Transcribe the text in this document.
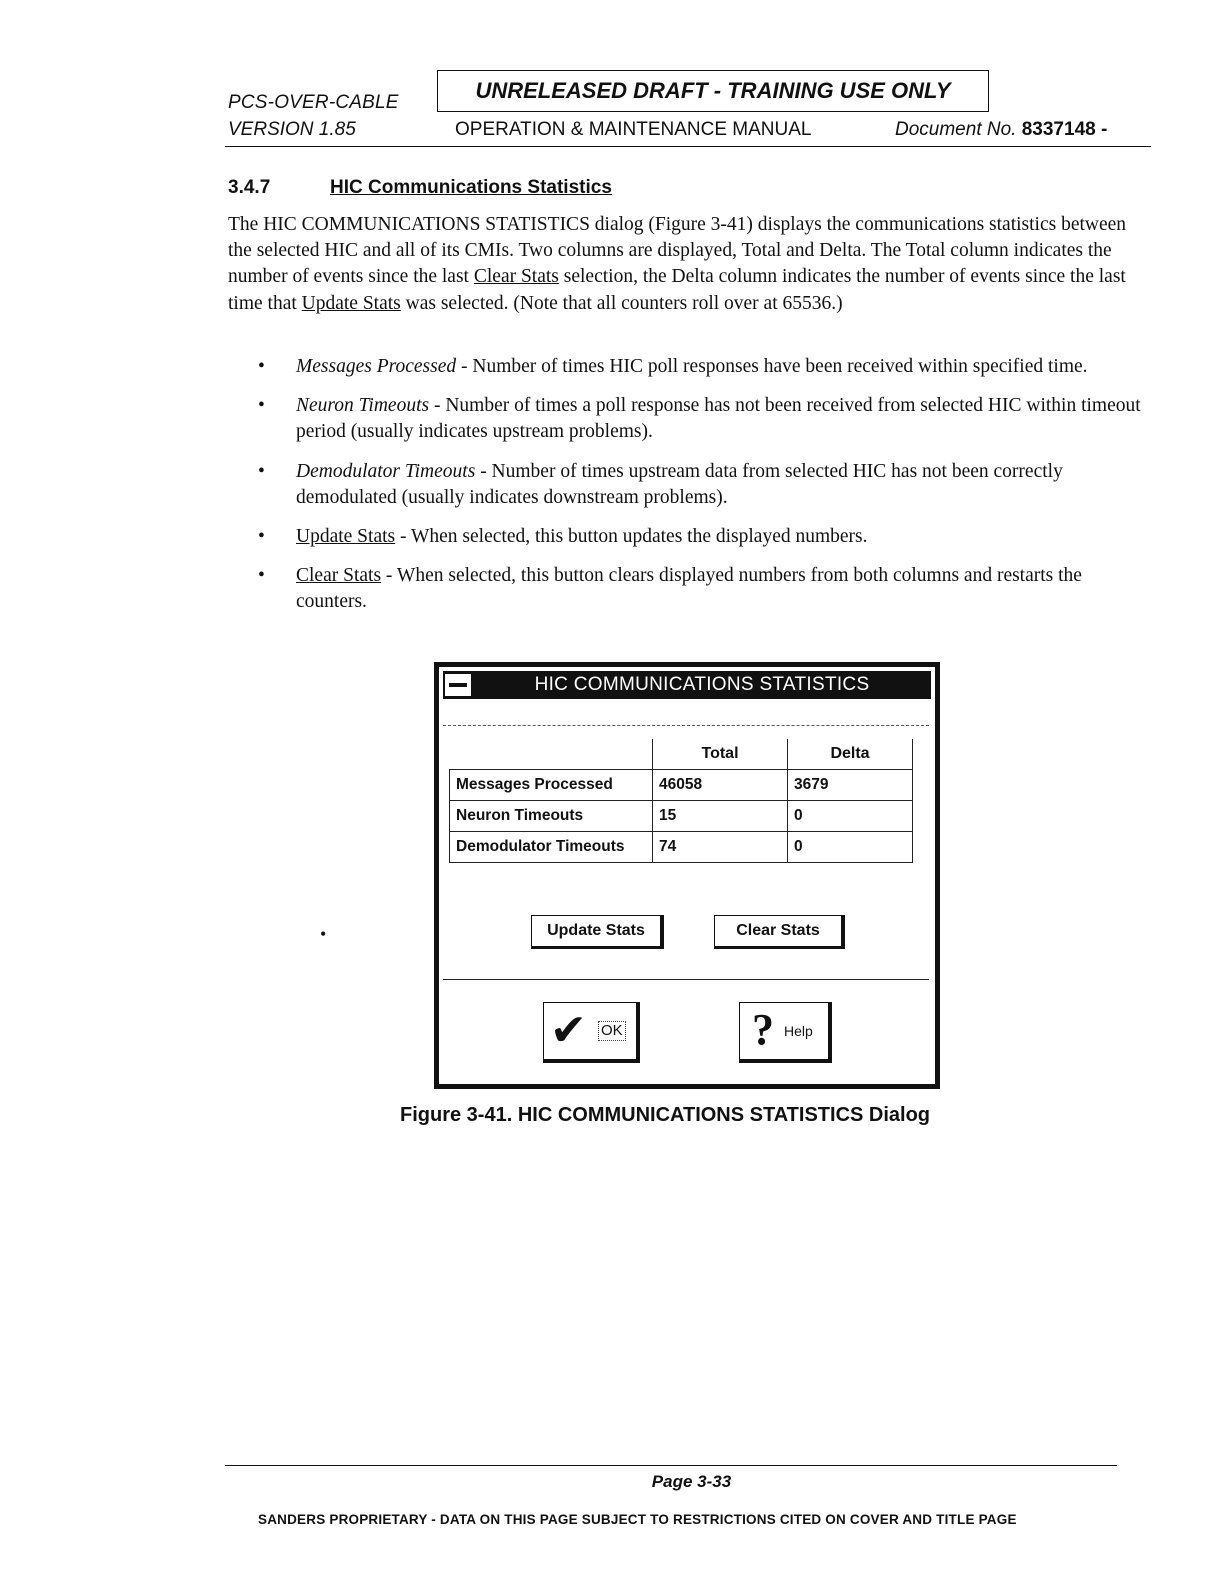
PCS-OVER-CABLE
VERSION 1.85
UNRELEASED DRAFT - TRAINING USE ONLY
OPERATION & MAINTENANCE MANUAL	Document No. 8337148 -
3.4.7	HIC Communications Statistics
The HIC COMMUNICATIONS STATISTICS dialog (Figure 3-41) displays the communications statistics between the selected HIC and all of its CMIs. Two columns are displayed, Total and Delta. The Total column indicates the number of events since the last Clear Stats selection, the Delta column indicates the number of events since the last time that Update Stats was selected. (Note that all counters roll over at 65536.)
• Messages Processed - Number of times HIC poll responses have been received within specified time.
• Neuron Timeouts - Number of times a poll response has not been received from selected HIC within timeout period (usually indicates upstream problems).
• Demodulator Timeouts - Number of times upstream data from selected HIC has not been correctly demodulated (usually indicates downstream problems).
• Update Stats - When selected, this button updates the displayed numbers.
• Clear Stats - When selected, this button clears displayed numbers from both columns and restarts the counters.
•
HIC COMMUNICATIONS STATISTICS
	Total	Delta
Messages Processed	46058	3679
Neuron Timeouts	15	0
Demodulator Timeouts	74	0
Update Stats	Clear Stats
✔ OK	? Help
Figure 3-41. HIC COMMUNICATIONS STATISTICS Dialog
Page 3-33
SANDERS PROPRIETARY - DATA ON THIS PAGE SUBJECT TO RESTRICTIONS CITED ON COVER AND TITLE PAGE
